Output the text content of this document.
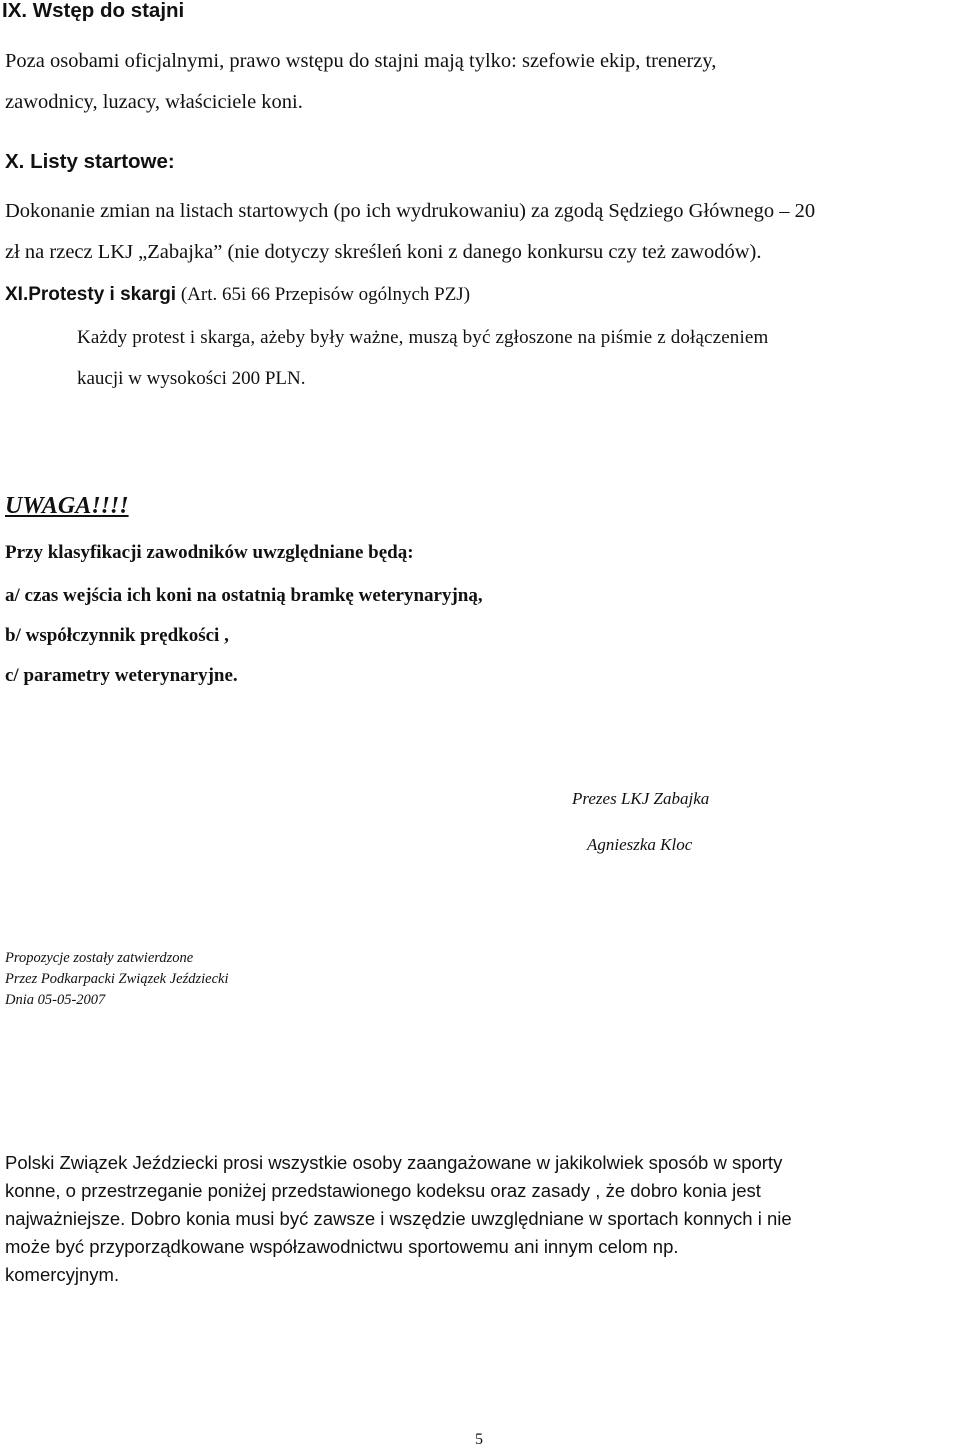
IX. Wstęp do stajni
Poza osobami oficjalnymi, prawo wstępu do stajni mają tylko: szefowie ekip, trenerzy,
zawodnicy, luzacy, właściciele koni.
X. Listy startowe:
Dokonanie zmian na listach startowych (po ich wydrukowaniu) za zgodą Sędziego Głównego – 20
zł na rzecz LKJ „Zabajka” (nie dotyczy skreśleń koni z danego konkursu czy też zawodów).
XI.Protesty i skargi (Art. 65i 66 Przepisów ogólnych PZJ)
Każdy protest i skarga, ażeby były ważne, muszą być zgłoszone na piśmie z dołączeniem
kaucji w wysokości 200 PLN.
UWAGA!!!!
Przy klasyfikacji zawodników uwzględniane będą:
a/ czas wejścia ich koni na ostatnią bramkę weterynaryjną,
b/ współczynnik prędkości ,
c/ parametry weterynaryjne.
Prezes LKJ Zabajka
Agnieszka Kloc
Propozycje zostały zatwierdzone
Przez Podkarpacki Związek Jeździecki
Dnia 05-05-2007
Polski Związek Jeździecki prosi wszystkie osoby zaangażowane w jakikolwiek sposób w sporty
konne, o przestrzeganie poniżej przedstawionego kodeksu oraz zasady , że dobro konia jest
najważniejsze. Dobro konia musi być zawsze i wszędzie uwzględniane w sportach konnych i nie
może być przyporządkowane współzawodnictwu sportowemu ani innym celom np.
komercyjnym.
5
